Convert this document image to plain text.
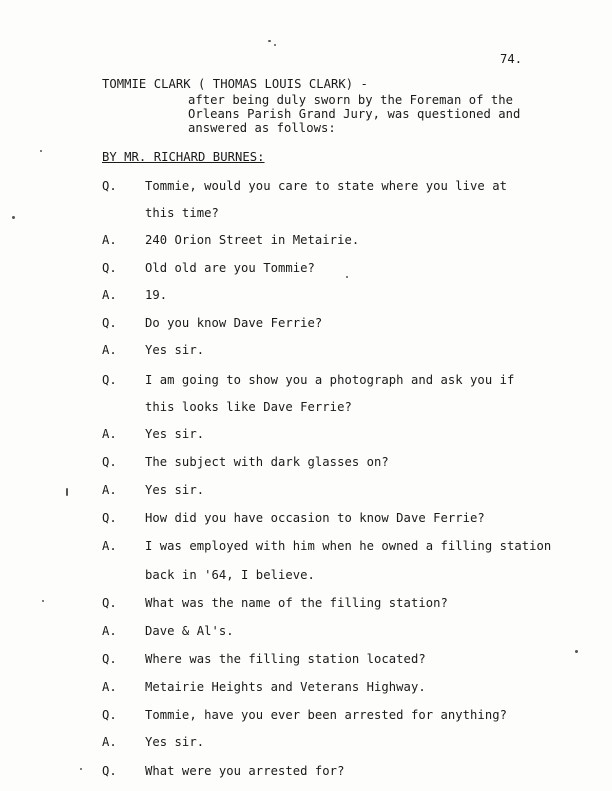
74.
TOMMIE CLARK ( THOMAS LOUIS CLARK) -
after being duly sworn by the Foreman of the
Orleans Parish Grand Jury, was questioned and
answered as follows:
BY MR. RICHARD BURNES:
Q. Tommie, would you care to state where you live at
this time?
A. 240 Orion Street in Metairie.
Q. Old old are you Tommie?
A. 19.
Q. Do you know Dave Ferrie?
A. Yes sir.
Q. I am going to show you a photograph and ask you if
this looks like Dave Ferrie?
A. Yes sir.
Q. The subject with dark glasses on?
A. Yes sir.
Q. How did you have occasion to know Dave Ferrie?
A. I was employed with him when he owned a filling station
back in '64, I believe.
Q. What was the name of the filling station?
A. Dave & Al's.
Q. Where was the filling station located?
A. Metairie Heights and Veterans Highway.
Q. Tommie, have you ever been arrested for anything?
A. Yes sir.
Q. What were you arrested for?
